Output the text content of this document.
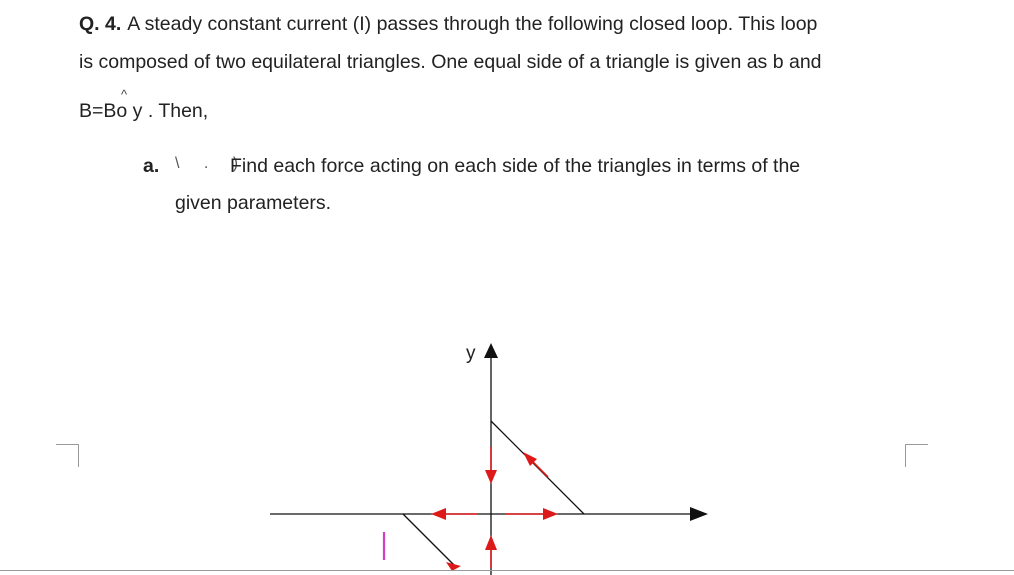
Q. 4. A steady constant current (I) passes through the following closed loop. This loop
is composed of two equilateral triangles. One equal side of a triangle is given as b and
B=Bo
^
y . Then,
a. \ . )
Find each force acting on each side of the triangles in terms of the
given parameters.
y
